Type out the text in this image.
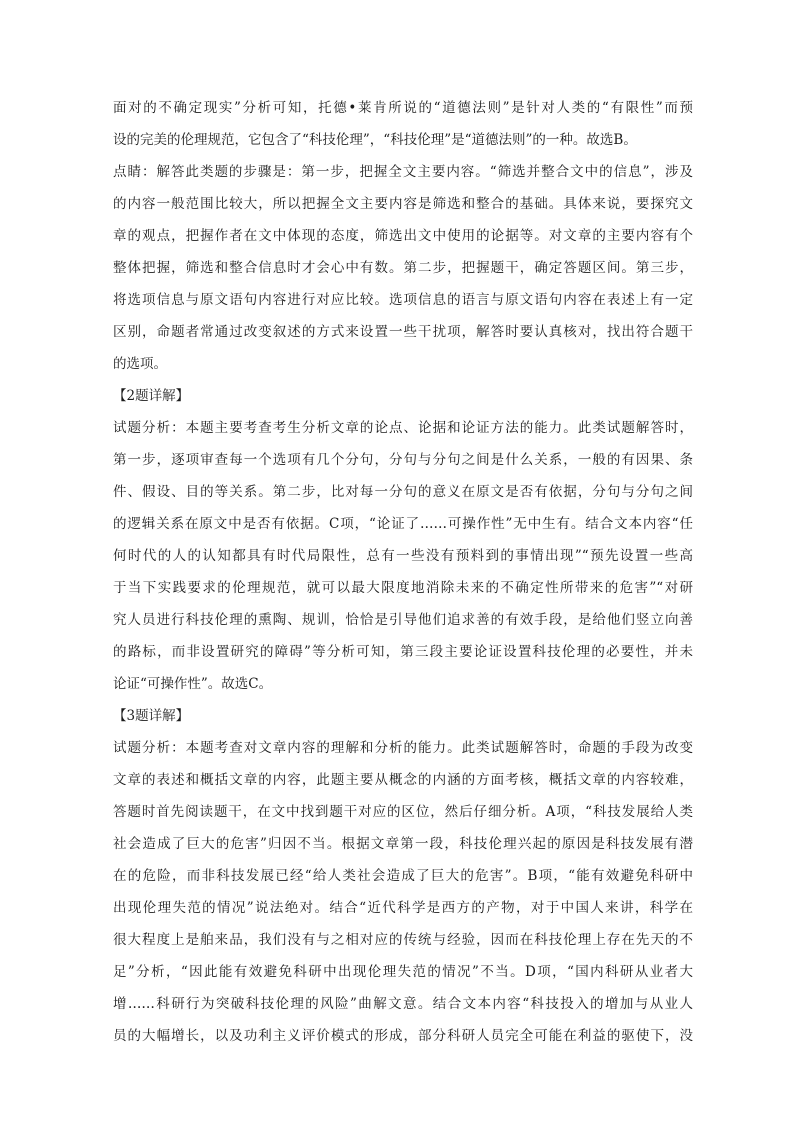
面对的不确定现实”分析可知，托德•莱肯所说的“道德法则”是针对人类的“有限性”而预
设的完美的伦理规范，它包含了“科技伦理”，“科技伦理”是“道德法则”的一种。故选B。
点睛：解答此类题的步骤是：第一步，把握全文主要内容。“筛选并整合文中的信息”，涉及
的内容一般范围比较大，所以把握全文主要内容是筛选和整合的基础。具体来说，要探究文
章的观点，把握作者在文中体现的态度，筛选出文中使用的论据等。对文章的主要内容有个
整体把握，筛选和整合信息时才会心中有数。第二步，把握题干，确定答题区间。第三步，
将选项信息与原文语句内容进行对应比较。选项信息的语言与原文语句内容在表述上有一定
区别，命题者常通过改变叙述的方式来设置一些干扰项，解答时要认真核对，找出符合题干
的选项。
【2题详解】
试题分析：本题主要考查考生分析文章的论点、论据和论证方法的能力。此类试题解答时，
第一步，逐项审查每一个选项有几个分句，分句与分句之间是什么关系，一般的有因果、条
件、假设、目的等关系。第二步，比对每一分句的意义在原文是否有依据，分句与分句之间
的逻辑关系在原文中是否有依据。C项，“论证了……可操作性”无中生有。结合文本内容“任
何时代的人的认知都具有时代局限性，总有一些没有预料到的事情出现”“预先设置一些高
于当下实践要求的伦理规范，就可以最大限度地消除未来的不确定性所带来的危害”“对研
究人员进行科技伦理的熏陶、规训，恰恰是引导他们追求善的有效手段，是给他们竖立向善
的路标，而非设置研究的障碍”等分析可知，第三段主要论证设置科技伦理的必要性，并未
论证“可操作性”。故选C。
【3题详解】
试题分析：本题考查对文章内容的理解和分析的能力。此类试题解答时，命题的手段为改变
文章的表述和概括文章的内容，此题主要从概念的内涵的方面考核，概括文章的内容较难，
答题时首先阅读题干，在文中找到题干对应的区位，然后仔细分析。A项，“科技发展给人类
社会造成了巨大的危害”归因不当。根据文章第一段，科技伦理兴起的原因是科技发展有潜
在的危险，而非科技发展已经“给人类社会造成了巨大的危害”。B项，“能有效避免科研中
出现伦理失范的情况”说法绝对。结合“近代科学是西方的产物，对于中国人来讲，科学在
很大程度上是舶来品，我们没有与之相对应的传统与经验，因而在科技伦理上存在先天的不
足”分析，“因此能有效避免科研中出现伦理失范的情况”不当。D项，“国内科研从业者大
增……科研行为突破科技伦理的风险”曲解文意。结合文本内容“科技投入的增加与从业人
员的大幅增长，以及功利主义评价模式的形成，部分科研人员完全可能在利益的驱使下，没
